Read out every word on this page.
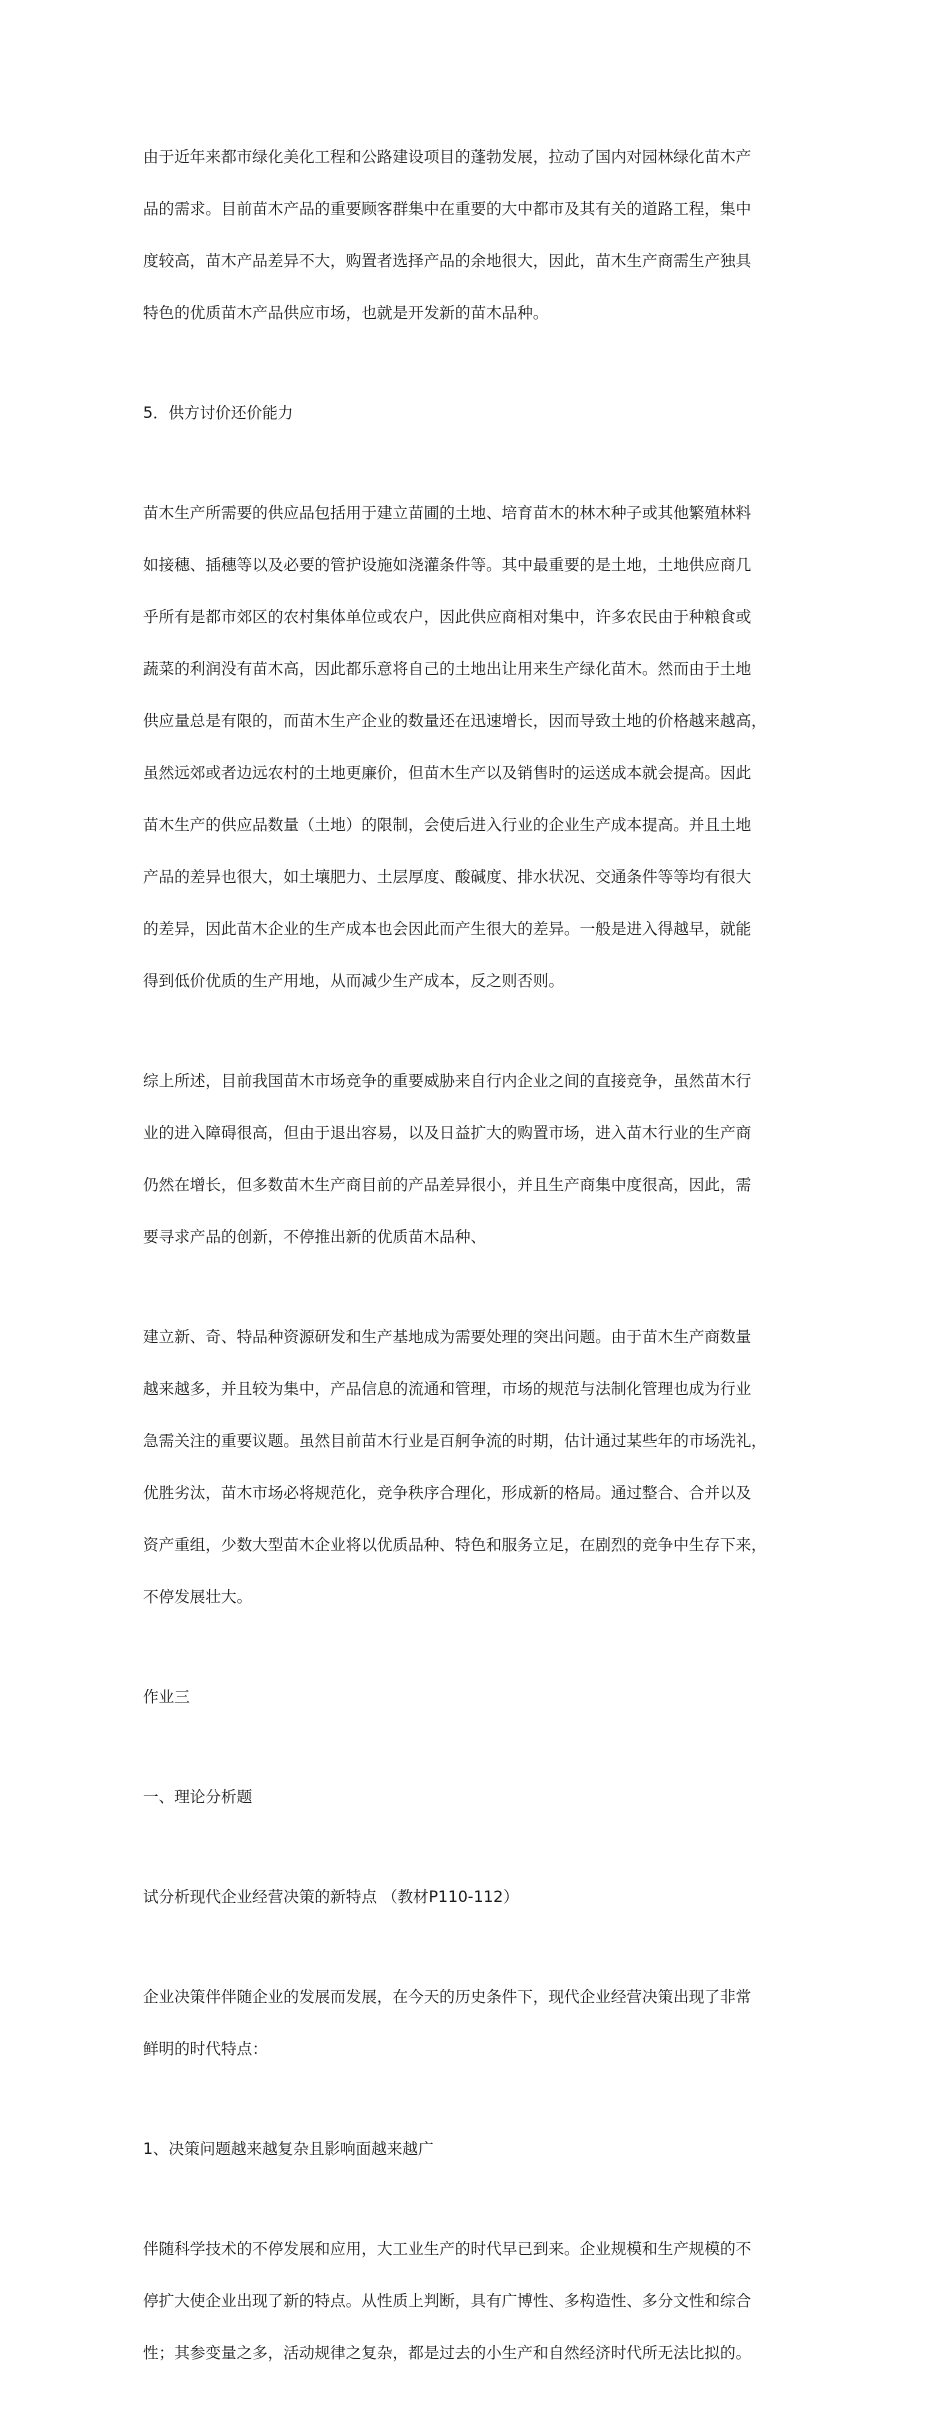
由于近年来都市绿化美化工程和公路建设项目的蓬勃发展，拉动了国内对园林绿化苗木产

品的需求。目前苗木产品的重要顾客群集中在重要的大中都市及其有关的道路工程，集中

度较高，苗木产品差异不大，购置者选择产品的余地很大，因此，苗木生产商需生产独具

特色的优质苗木产品供应市场，也就是开发新的苗木品种。

5．供方讨价还价能力

苗木生产所需要的供应品包括用于建立苗圃的土地、培育苗木的林木种子或其他繁殖林料

如接穗、插穗等以及必要的管护设施如浇灌条件等。其中最重要的是土地，土地供应商几

乎所有是都市郊区的农村集体单位或农户，因此供应商相对集中，许多农民由于种粮食或

蔬菜的利润没有苗木高，因此都乐意将自己的土地出让用来生产绿化苗木。然而由于土地

供应量总是有限的，而苗木生产企业的数量还在迅速增长，因而导致土地的价格越来越高，

虽然远郊或者边远农村的土地更廉价，但苗木生产以及销售时的运送成本就会提高。因此

苗木生产的供应品数量（土地）的限制，会使后进入行业的企业生产成本提高。并且土地

产品的差异也很大，如土壤肥力、土层厚度、酸碱度、排水状况、交通条件等等均有很大

的差异，因此苗木企业的生产成本也会因此而产生很大的差异。一般是进入得越早，就能

得到低价优质的生产用地，从而减少生产成本，反之则否则。

综上所述，目前我国苗木市场竞争的重要威胁来自行内企业之间的直接竞争，虽然苗木行

业的进入障碍很高，但由于退出容易，以及日益扩大的购置市场，进入苗木行业的生产商

仍然在增长，但多数苗木生产商目前的产品差异很小，并且生产商集中度很高，因此，需

要寻求产品的创新，不停推出新的优质苗木品种、

建立新、奇、特品种资源研发和生产基地成为需要处理的突出问题。由于苗木生产商数量

越来越多，并且较为集中，产品信息的流通和管理，市场的规范与法制化管理也成为行业

急需关注的重要议题。虽然目前苗木行业是百舸争流的时期，估计通过某些年的市场洗礼，

优胜劣汰，苗木市场必将规范化，竞争秩序合理化，形成新的格局。通过整合、合并以及

资产重组，少数大型苗木企业将以优质品种、特色和服务立足，在剧烈的竞争中生存下来，

不停发展壮大。

作业三

一、理论分析题

试分析现代企业经营决策的新特点 （教材P110-112）

企业决策伴伴随企业的发展而发展，在今天的历史条件下，现代企业经营决策出现了非常

鲜明的时代特点：

1、决策问题越来越复杂且影响面越来越广

伴随科学技术的不停发展和应用，大工业生产的时代早已到来。企业规模和生产规模的不

停扩大使企业出现了新的特点。从性质上判断，具有广博性、多构造性、多分文性和综合

性；其参变量之多，活动规律之复杂，都是过去的小生产和自然经济时代所无法比拟的。
